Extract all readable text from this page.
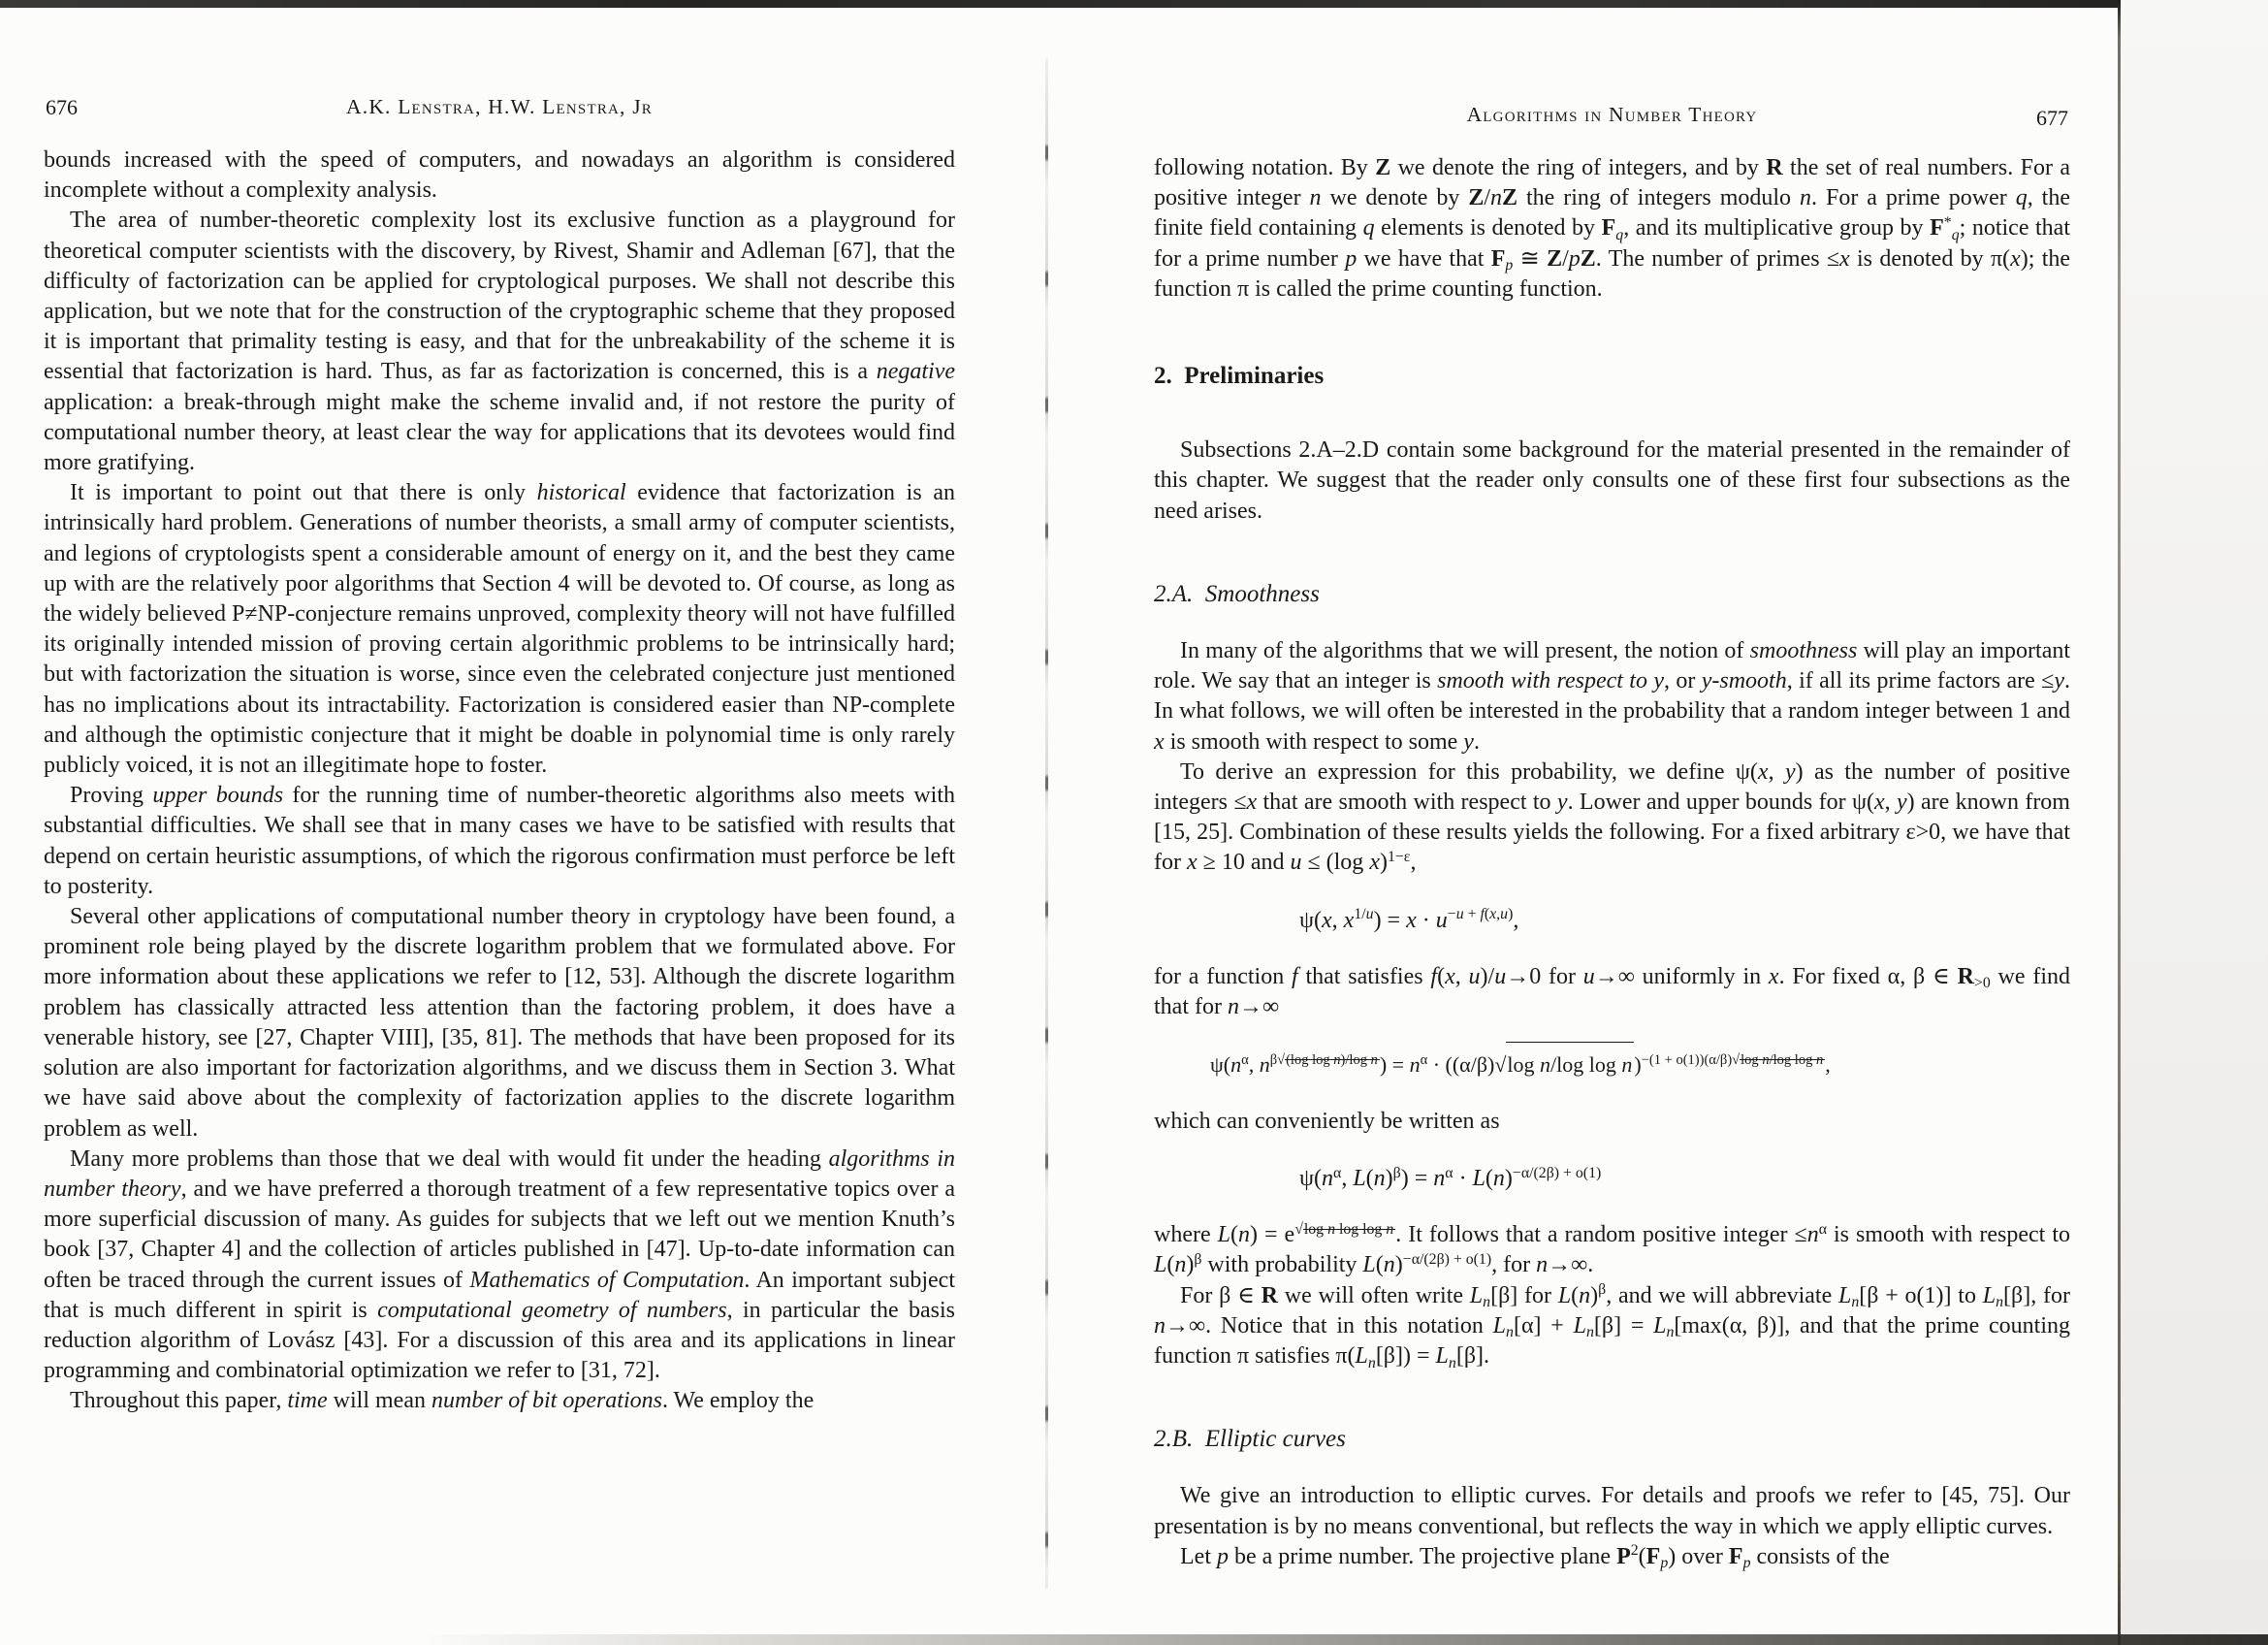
676	A.K. Lenstra, H.W. Lenstra, Jr

bounds increased with the speed of computers, and nowadays an algorithm is considered incomplete without a complexity analysis.

The area of number-theoretic complexity lost its exclusive function as a playground for theoretical computer scientists with the discovery, by Rivest, Shamir and Adleman [67], that the difficulty of factorization can be applied for cryptological purposes. We shall not describe this application, but we note that for the construction of the cryptographic scheme that they proposed it is important that primality testing is easy, and that for the unbreakability of the scheme it is essential that factorization is hard. Thus, as far as factorization is concerned, this is a negative application: a break-through might make the scheme invalid and, if not restore the purity of computational number theory, at least clear the way for applications that its devotees would find more gratifying.

It is important to point out that there is only historical evidence that factorization is an intrinsically hard problem. Generations of number theorists, a small army of computer scientists, and legions of cryptologists spent a considerable amount of energy on it, and the best they came up with are the relatively poor algorithms that Section 4 will be devoted to. Of course, as long as the widely believed P≠NP-conjecture remains unproved, complexity theory will not have fulfilled its originally intended mission of proving certain algorithmic problems to be intrinsically hard; but with factorization the situation is worse, since even the celebrated conjecture just mentioned has no implications about its intractability. Factorization is considered easier than NP-complete and although the optimistic conjecture that it might be doable in polynomial time is only rarely publicly voiced, it is not an illegitimate hope to foster.

Proving upper bounds for the running time of number-theoretic algorithms also meets with substantial difficulties. We shall see that in many cases we have to be satisfied with results that depend on certain heuristic assumptions, of which the rigorous confirmation must perforce be left to posterity.

Several other applications of computational number theory in cryptology have been found, a prominent role being played by the discrete logarithm problem that we formulated above. For more information about these applications we refer to [12, 53]. Although the discrete logarithm problem has classically attracted less attention than the factoring problem, it does have a venerable history, see [27, Chapter VIII], [35, 81]. The methods that have been proposed for its solution are also important for factorization algorithms, and we discuss them in Section 3. What we have said above about the complexity of factorization applies to the discrete logarithm problem as well.

Many more problems than those that we deal with would fit under the heading algorithms in number theory, and we have preferred a thorough treatment of a few representative topics over a more superficial discussion of many. As guides for subjects that we left out we mention Knuth’s book [37, Chapter 4] and the collection of articles published in [47]. Up-to-date information can often be traced through the current issues of Mathematics of Computation. An important subject that is much different in spirit is computational geometry of numbers, in particular the basis reduction algorithm of Lovász [43]. For a discussion of this area and its applications in linear programming and combinatorial optimization we refer to [31, 72].

Throughout this paper, time will mean number of bit operations. We employ the

Algorithms in Number Theory	677

following notation. By Z we denote the ring of integers, and by R the set of real numbers. For a positive integer n we denote by Z/nZ the ring of integers modulo n. For a prime power q, the finite field containing q elements is denoted by $F_q$, and its multiplicative group by $F^*_q$; notice that for a prime number p we have that $F_p$ ≅ Z/pZ. The number of primes ≤x is denoted by π(x); the function π is called the prime counting function.

2. Preliminaries

Subsections 2.A–2.D contain some background for the material presented in the remainder of this chapter. We suggest that the reader only consults one of these first four subsections as the need arises.

2.A. Smoothness

In many of the algorithms that we will present, the notion of smoothness will play an important role. We say that an integer is smooth with respect to y, or y-smooth, if all its prime factors are ≤y. In what follows, we will often be interested in the probability that a random integer between 1 and x is smooth with respect to some y.

To derive an expression for this probability, we define ψ(x, y) as the number of positive integers ≤x that are smooth with respect to y. Lower and upper bounds for ψ(x, y) are known from [15, 25]. Combination of these results yields the following. For a fixed arbitrary ε>0, we have that for x ≥ 10 and u ≤ (log x)$^{1-\varepsilon}$,

ψ(x, $x^{1/u}) = x \cdot u^{-u + f(x,u)}$,

for a function f that satisfies f(x, u)/u→0 for u→∞ uniformly in x. For fixed α, β ∈ $R_{>0}$ we find that for n→∞

$\psi(n^\alpha$, $n^{\beta√(log log n)/log n}) = n^\alpha \cdot ((\alpha/\beta)√\log$ n/log log n)$^{-(1 + o(1))(\alpha/\beta)√log n/log log n}$,

which can conveniently be written as

$\psi(n^\alpha$, $L(n)^\beta) = n^\alpha \cdot L(n)^{-\alpha/(2\beta) + o(1)}$

where $L(n) = e^{√log n log log n}$. It follows that a random positive integer $\le n^\alpha$ is smooth with respect to $L(n)^\beta$ with probability $L(n)^{-\alpha/(2\beta) + o(1)}$, for n→∞.

For β ∈ R we will often write $L_n[\beta]$ for $L(n)^\beta$, and we will abbreviate $L_n[\beta + o(1)]$ to $L_n[\beta]$, for n→∞. Notice that in this notation $L_n[\alpha] + L_n[\beta] = L_n[\max(\alpha$, β)], and that the prime counting function π satisfies $\pi(L_n[\beta]) = L_n[\beta]$.

2.B. Elliptic curves

We give an introduction to elliptic curves. For details and proofs we refer to [45, 75]. Our presentation is by no means conventional, but reflects the way in which we apply elliptic curves.

Let p be a prime number. The projective plane $P^2(F_p)$ over $F_p$ consists of the
